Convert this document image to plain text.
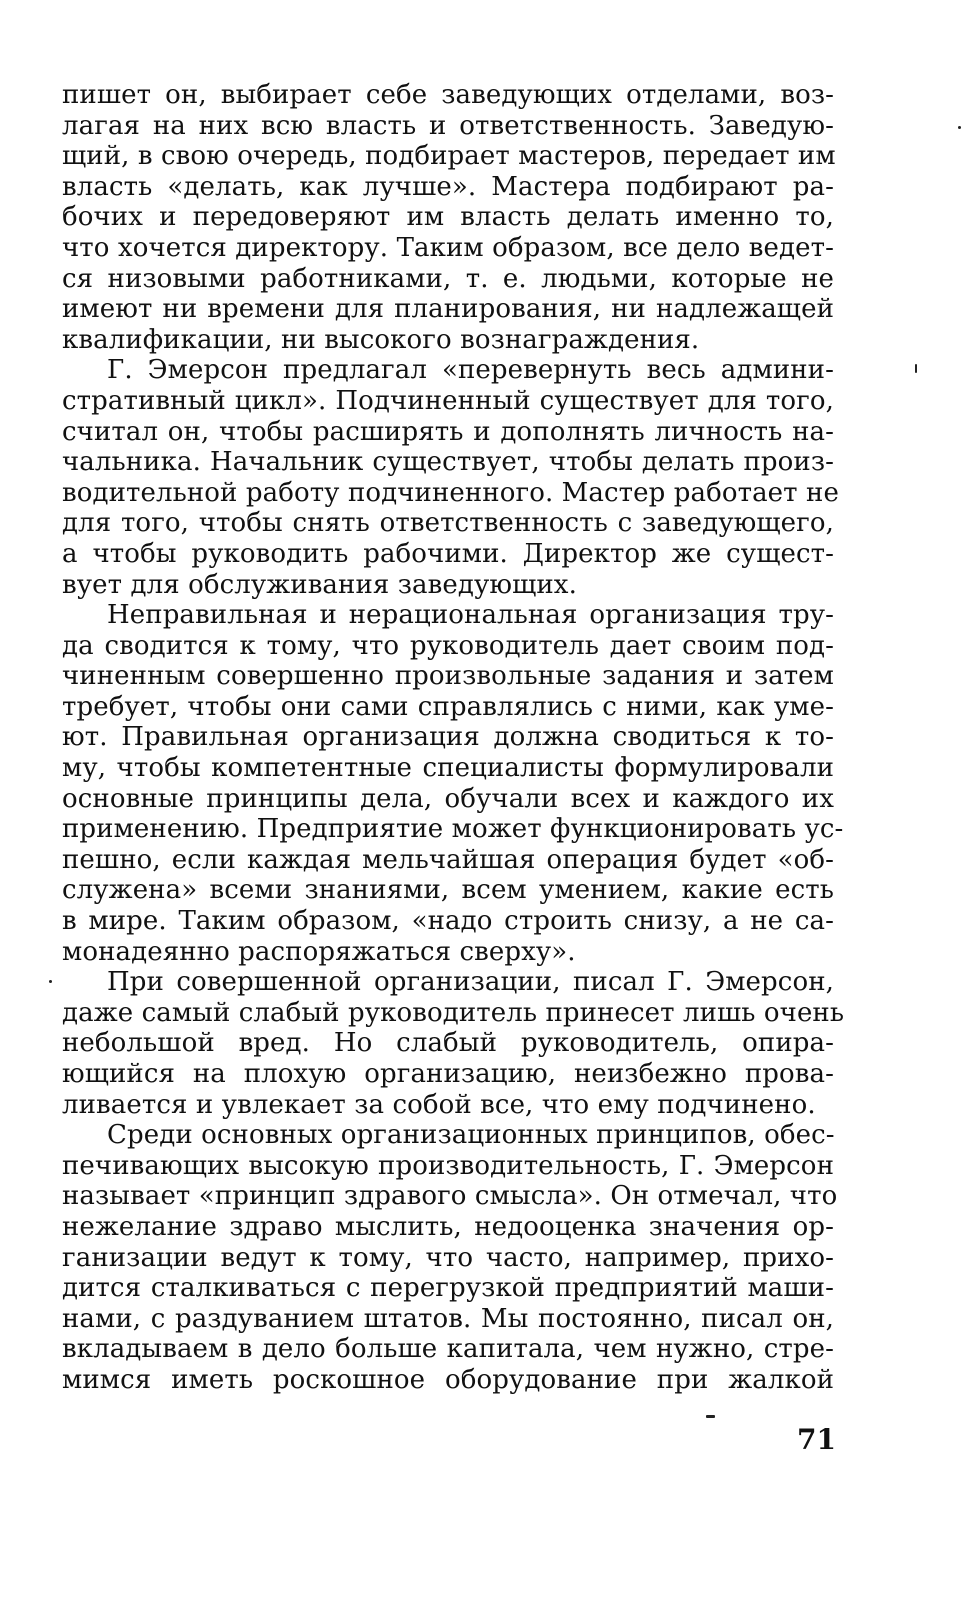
пишет он, выбирает себе заведующих отделами, воз-
лагая на них всю власть и ответственность. Заведую-
щий, в свою очередь, подбирает мастеров, передает им
власть «делать, как лучше». Мастера подбирают ра-
бочих и передоверяют им власть делать именно то,
что хочется директору. Таким образом, все дело ведет-
ся низовыми работниками, т. е. людьми, которые не
имеют ни времени для планирования, ни надлежащей
квалификации, ни высокого вознаграждения.
Г. Эмерсон предлагал «перевернуть весь админи-
стративный цикл». Подчиненный существует для того,
считал он, чтобы расширять и дополнять личность на-
чальника. Начальник существует, чтобы делать произ-
водительной работу подчиненного. Мастер работает не
для того, чтобы снять ответственность с заведующего,
а чтобы руководить рабочими. Директор же сущест-
вует для обслуживания заведующих.
Неправильная и нерациональная организация тру-
да сводится к тому, что руководитель дает своим под-
чиненным совершенно произвольные задания и затем
требует, чтобы они сами справлялись с ними, как уме-
ют. Правильная организация должна сводиться к то-
му, чтобы компетентные специалисты формулировали
основные принципы дела, обучали всех и каждого их
применению. Предприятие может функционировать ус-
пешно, если каждая мельчайшая операция будет «об-
служена» всеми знаниями, всем умением, какие есть
в мире. Таким образом, «надо строить снизу, а не са-
монадеянно распоряжаться сверху».
При совершенной организации, писал Г. Эмерсон,
даже самый слабый руководитель принесет лишь очень
небольшой вред. Но слабый руководитель, опира-
ющийся на плохую организацию, неизбежно прова-
ливается и увлекает за собой все, что ему подчинено.
Среди основных организационных принципов, обес-
печивающих высокую производительность, Г. Эмерсон
называет «принцип здравого смысла». Он отмечал, что
нежелание здраво мыслить, недооценка значения ор-
ганизации ведут к тому, что часто, например, прихо-
дится сталкиваться с перегрузкой предприятий маши-
нами, с раздуванием штатов. Мы постоянно, писал он,
вкладываем в дело больше капитала, чем нужно, стре-
мимся иметь роскошное оборудование при жалкой
71
